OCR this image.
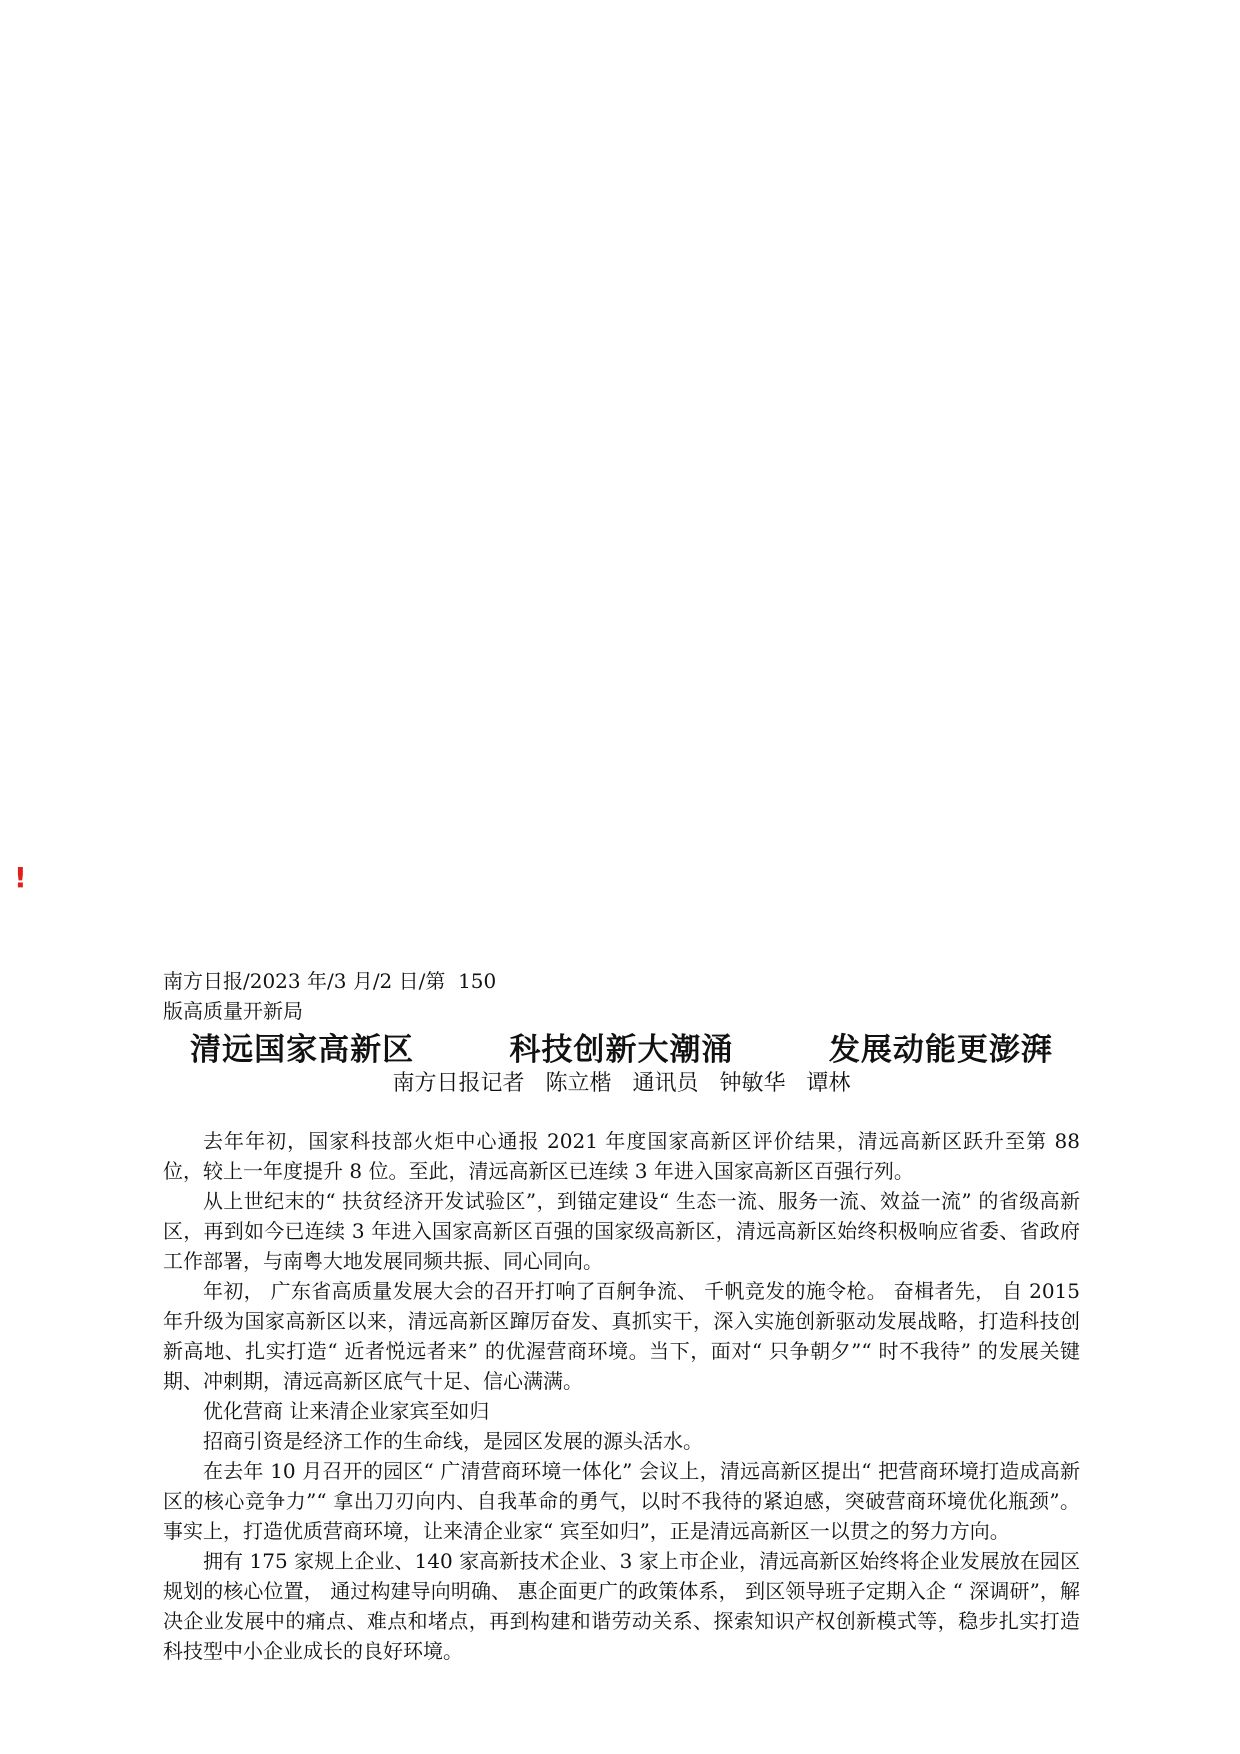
!

南方日报/2023 年/3 月/2 日/第  150

版高质量开新局

清远国家高新区   科技创新大潮涌   发展动能更澎湃
南方日报记者   陈立楷   通讯员   钟敏华   谭林

去年年初，国家科技部火炬中心通报 2021 年度国家高新区评价结果，清远高新区跃升至第 88 位，较上一年度提升 8 位。至此，清远高新区已连续 3 年进入国家高新区百强行列。

从上世纪末的“ 扶贫经济开发试验区”，到锚定建设“ 生态一流、服务一流、效益一流” 的省级高新区，再到如今已连续 3 年进入国家高新区百强的国家级高新区，清远高新区始终积极响应省委、省政府工作部署，与南粤大地发展同频共振、同心同向。

年初， 广东省高质量发展大会的召开打响了百舸争流、 千帆竞发的施令枪。 奋楫者先， 自 2015 年升级为国家高新区以来，清远高新区蹿厉奋发、真抓实干，深入实施创新驱动发展战略，打造科技创新高地、扎实打造“ 近者悦远者来” 的优渥营商环境。当下，面对“ 只争朝夕”“ 时不我待” 的发展关键期、冲刺期，清远高新区底气十足、信心满满。

优化营商 让来清企业家宾至如归

招商引资是经济工作的生命线，是园区发展的源头活水。

在去年 10 月召开的园区“ 广清营商环境一体化” 会议上，清远高新区提出“ 把营商环境打造成高新区的核心竞争力”“ 拿出刀刃向内、自我革命的勇气，以时不我待的紧迫感，突破营商环境优化瓶颈”。事实上，打造优质营商环境，让来清企业家“ 宾至如归”，正是清远高新区一以贯之的努力方向。

拥有 175 家规上企业、140 家高新技术企业、3 家上市企业，清远高新区始终将企业发展放在园区规划的核心位置， 通过构建导向明确、 惠企面更广的政策体系， 到区领导班子定期入企 “ 深调研”，解决企业发展中的痛点、难点和堵点，再到构建和谐劳动关系、探索知识产权创新模式等，稳步扎实打造科技型中小企业成长的良好环境。
